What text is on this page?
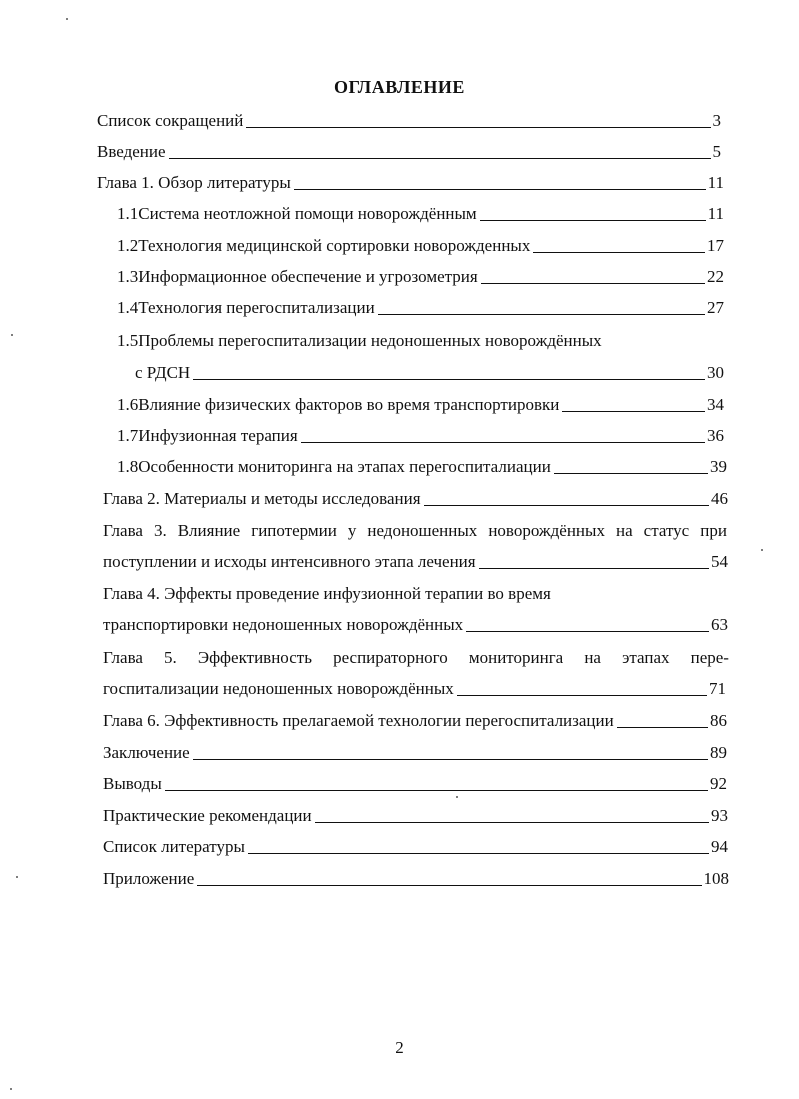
ОГЛАВЛЕНИЕ
Список сокращений	3
Введение	5
Глава 1. Обзор литературы	11
1.1Система неотложной помощи новорождённым	11
1.2Технология медицинской сортировки новорожденных	17
1.3Информационное обеспечение и угрозометрия	22
1.4Технология перегоспитализации	27
1.5Проблемы перегоспитализации недоношенных новорождённых
с РДСН	30
1.6Влияние физических факторов во время транспортировки	34
1.7Инфузионная терапия	36
1.8Особенности мониторинга на этапах перегоспиталиации	39
Глава 2. Материалы и методы исследования	46
Глава 3. Влияние гипотермии у недоношенных новорождённых на статус при
поступлении и исходы интенсивного этапа лечения	54
Глава 4. Эффекты проведение инфузионной терапии во время
транспортировки недоношенных новорождённых	63
Глава 5. Эффективность респираторного мониторинга на этапах пере-
госпитализации недоношенных новорождённых	71
Глава 6. Эффективность прелагаемой технологии перегоспитализации	86
Заключение	89
Выводы	92
Практические рекомендации	93
Список литературы	94
Приложение	108
2
